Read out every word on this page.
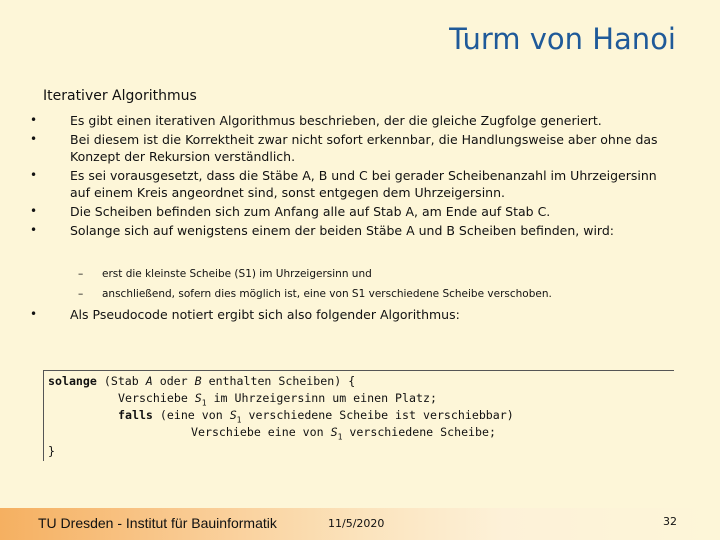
Turm von Hanoi
Iterativer Algorithmus
• Es gibt einen iterativen Algorithmus beschrieben, der die gleiche Zugfolge generiert.
• Bei diesem ist die Korrektheit zwar nicht sofort erkennbar, die Handlungsweise aber ohne das Konzept der Rekursion verständlich.
• Es sei vorausgesetzt, dass die Stäbe A, B und C bei gerader Scheibenanzahl im Uhrzeigersinn auf einem Kreis angeordnet sind, sonst entgegen dem Uhrzeigersinn.
• Die Scheiben befinden sich zum Anfang alle auf Stab A, am Ende auf Stab C.
• Solange sich auf wenigstens einem der beiden Stäbe A und B Scheiben befinden, wird:
– erst die kleinste Scheibe (S1) im Uhrzeigersinn und
– anschließend, sofern dies möglich ist, eine von S1 verschiedene Scheibe verschoben.
• Als Pseudocode notiert ergibt sich also folgender Algorithmus:
solange (Stab A oder B enthalten Scheiben) {
Verschiebe $S_1$ im Uhrzeigersinn um einen Platz;
falls (eine von $S_1$ verschiedene Scheibe ist verschiebbar)
Verschiebe eine von $S_1$ verschiedene Scheibe;
}
TU Dresden - Institut für Bauinformatik	11/5/2020	32
